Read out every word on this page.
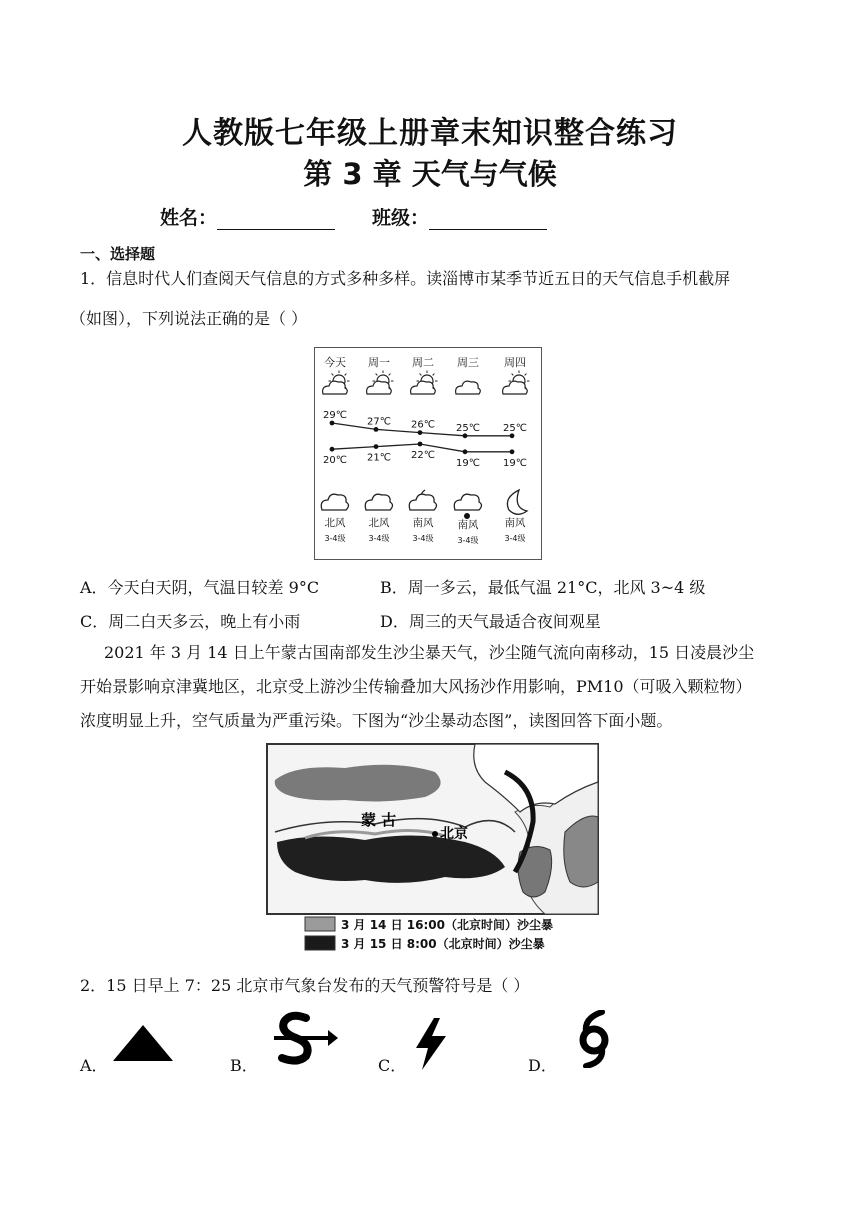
人教版七年级上册章末知识整合练习
第 3 章 天气与气候
姓名：	班级：
一、选择题
1．信息时代人们查阅天气信息的方式多种多样。读淄博市某季节近五日的天气信息手机截屏
（如图），下列说法正确的是（ ）
今天 周一 周二 周三 周四
29℃
20℃
27℃
21℃
26℃
22℃
25℃
19℃
25℃
19℃
北风
3-4级
北风
3-4级
南风
3-4级
南风
3-4级
南风
3-4级
A．今天白天阴，气温日较差 9°C	B．周一多云，最低气温 21°C，北风 3~4 级
C．周二白天多云，晚上有小雨	D．周三的天气最适合夜间观星
2021 年 3 月 14 日上午蒙古国南部发生沙尘暴天气，沙尘随气流向南移动，15 日凌晨沙尘
开始景影响京津冀地区，北京受上游沙尘传输叠加大风扬沙作用影响，PM10（可吸入颗粒物）
浓度明显上升，空气质量为严重污染。下图为“沙尘暴动态图”，读图回答下面小题。
蒙 古
北京
3 月 14 日 16:00（北京时间）沙尘暴
3 月 15 日 8:00（北京时间）沙尘暴
2．15 日早上 7：25 北京市气象台发布的天气预警符号是（ ）
A．	B．	C．	D．
